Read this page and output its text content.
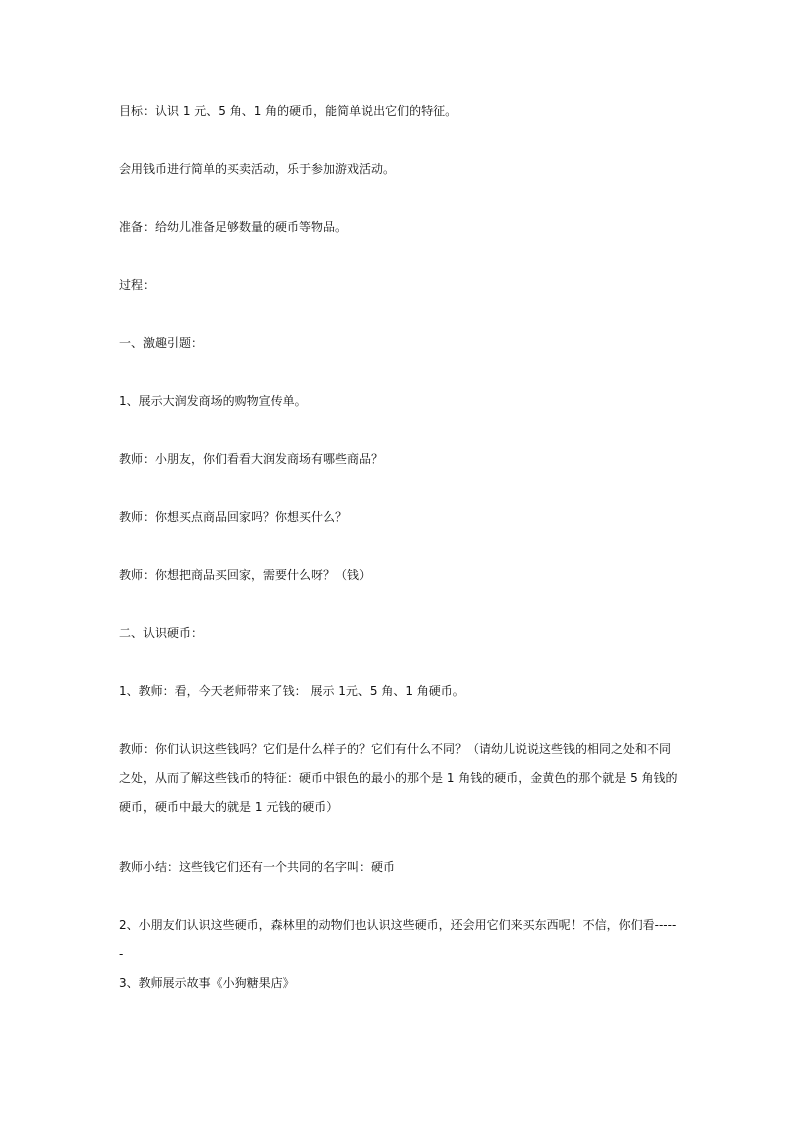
目标：认识 1 元、5 角、1 角的硬币，能简单说出它们的特征。

会用钱币进行简单的买卖活动，乐于参加游戏活动。

准备：给幼儿准备足够数量的硬币等物品。

过程：

一、激趣引题：

1、展示大润发商场的购物宣传单。

教师：小朋友，你们看看大润发商场有哪些商品？

教师：你想买点商品回家吗？你想买什么？

教师：你想把商品买回家，需要什么呀？（钱）

二、认识硬币：

1、教师：看，今天老师带来了钱： 展示 1元、5 角、1 角硬币。

教师：你们认识这些钱吗？它们是什么样子的？它们有什么不同？（请幼儿说说这些钱的相同之处和不同之处，从而了解这些钱币的特征：硬币中银色的最小的那个是 1 角钱的硬币，金黄色的那个就是 5 角钱的硬币，硬币中最大的就是 1 元钱的硬币）

教师小结：这些钱它们还有一个共同的名字叫：硬币

2、小朋友们认识这些硬币，森林里的动物们也认识这些硬币，还会用它们来买东西呢！不信，你们看------

3、教师展示故事《小狗糖果店》
